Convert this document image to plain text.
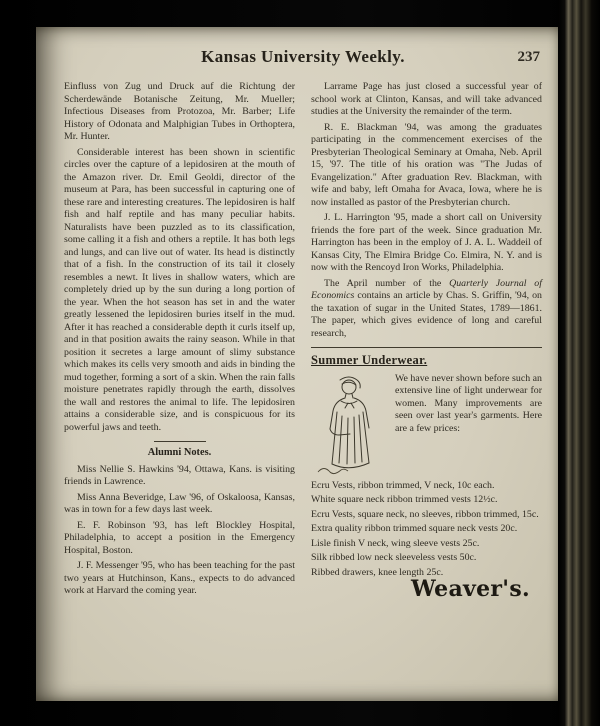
Kansas University Weekly.	237

Einfluss von Zug und Druck auf die Richtung der Scherdewände Botanische Zeitung, Mr. Mueller; Infectious Diseases from Protozoa, Mr. Barber; Life History of Odonata and Malphigian Tubes in Orthoptera, Mr. Hunter.

Considerable interest has been shown in scientific circles over the capture of a lepidosiren at the mouth of the Amazon river. Dr. Emil Geoldi, director of the museum at Para, has been successful in capturing one of these rare and interesting creatures. The lepidosiren is half fish and half reptile and has many peculiar habits. Naturalists have been puzzled as to its classification, some calling it a fish and others a reptile. It has both legs and lungs, and can live out of water. Its head is distinctly that of a fish. In the construction of its tail it closely resembles a newt. It lives in shallow waters, which are completely dried up by the sun during a long portion of the year. When the hot season has set in and the water greatly lessened the lepidosiren buries itself in the mud. After it has reached a considerable depth it curls itself up, and in that position awaits the rainy season. While in that position it secretes a large amount of slimy substance which makes its cells very smooth and aids in binding the mud together, forming a sort of a skin. When the rain falls moisture penetrates rapidly through the earth, dissolves the wall and restores the animal to life. The lepidosiren attains a considerable size, and is conspicuous for its powerful jaws and teeth.

Alumni Notes.

Miss Nellie S. Hawkins '94, Ottawa, Kans. is visiting friends in Lawrence.

Miss Anna Beveridge, Law '96, of Oskaloosa, Kansas, was in town for a few days last week.

E. F. Robinson '93, has left Blockley Hospital, Philadelphia, to accept a position in the Emergency Hospital, Boston.

J. F. Messenger '95, who has been teaching for the past two years at Hutchinson, Kans., expects to do advanced work at Harvard the coming year.

Larrame Page has just closed a successful year of school work at Clinton, Kansas, and will take advanced studies at the University the remainder of the term.

R. E. Blackman '94, was among the graduates participating in the commencement exercises of the Presbyterian Theological Seminary at Omaha, Neb. April 15, '97. The title of his oration was "The Judas of Evangelization." After graduation Rev. Blackman, with wife and baby, left Omaha for Avaca, Iowa, where he is now installed as pastor of the Presbyterian church.

J. L. Harrington '95, made a short call on University friends the fore part of the week. Since graduation Mr. Harrington has been in the employ of J. A. L. Waddeil of Kansas City, The Elmira Bridge Co. Elmira, N. Y. and is now with the Rencoyd Iron Works, Philadelphia.

The April number of the Quarterly Journal of Economics contains an article by Chas. S. Griffin, '94, on the taxation of sugar in the United States, 1789—1861. The paper, which gives evidence of long and careful research,

Summer Underwear.

We have never shown before such an extensive line of light underwear for women. Many improvements are seen over last year's garments. Here are a few prices:

Ecru Vests, ribbon trimmed, V neck, 10c each.

White square neck ribbon trimmed vests 12½c.

Ecru Vests, square neck, no sleeves, ribbon trimmed, 15c.

Extra quality ribbon trimmed square neck vests 20c.

Lisle finish V neck, wing sleeve vests 25c.

Silk ribbed low neck sleeveless vests 50c.

Ribbed drawers, knee length 25c.

Weaver's.
